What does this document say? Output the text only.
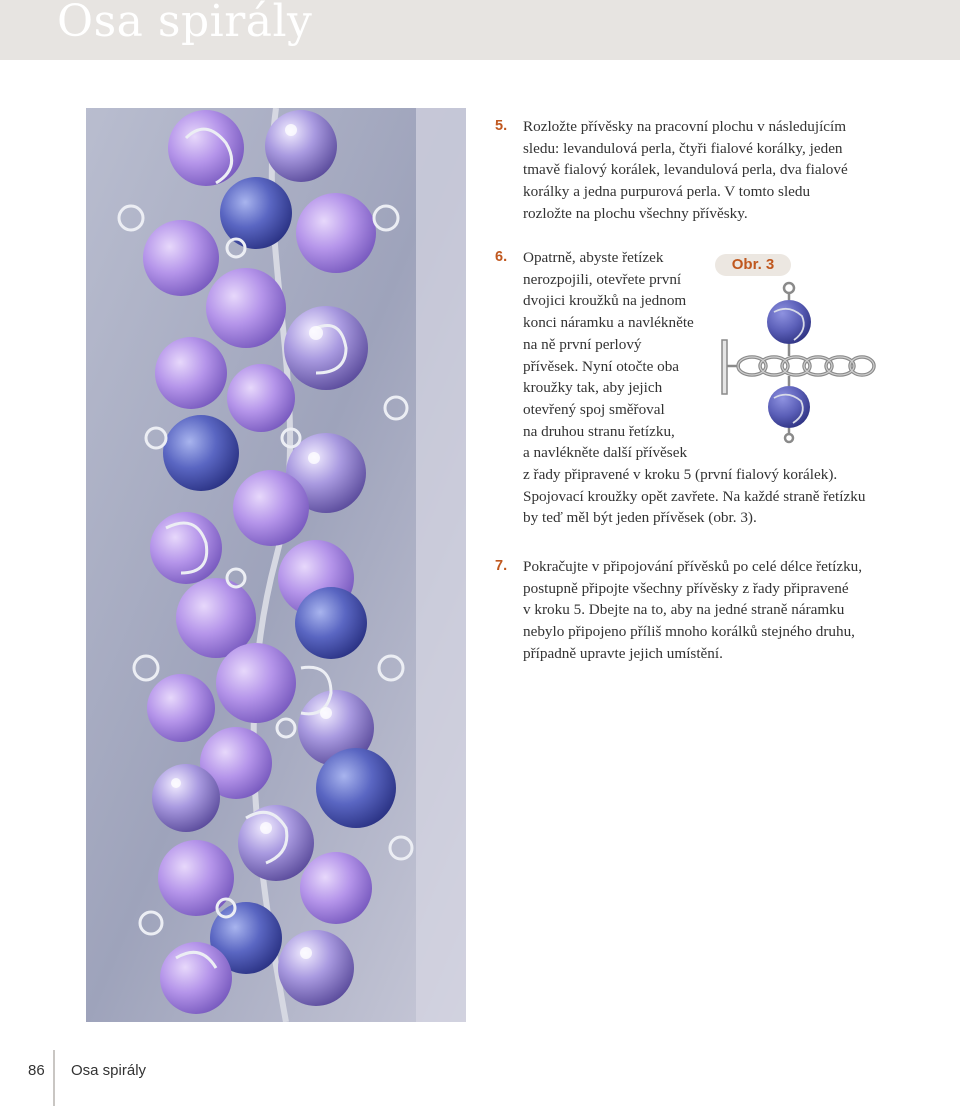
Osa spirály
5. Rozložte přívěsky na pracovní plochu v následujícím
sledu: levandulová perla, čtyři fialové korálky, jeden
tmavě fialový korálek, levandulová perla, dva fialové
korálky a jedna purpurová perla. V tomto sledu
rozložte na plochu všechny přívěsky.
6. Opatrně, abyste řetízek
nerozpojili, otevřete první
dvojici kroužků na jednom
konci náramku a navlékněte
na ně první perlový
přívěsek. Nyní otočte oba
kroužky tak, aby jejich
otevřený spoj směřoval
na druhou stranu řetízku,
a navlékněte další přívěsek
z řady připravené v kroku 5 (první fialový korálek).
Spojovací kroužky opět zavřete. Na každé straně řetízku
by teď měl být jeden přívěsek (obr. 3).
Obr. 3
7. Pokračujte v připojování přívěsků po celé délce řetízku,
postupně připojte všechny přívěsky z řady připravené
v kroku 5. Dbejte na to, aby na jedné straně náramku
nebylo připojeno příliš mnoho korálků stejného druhu,
případně upravte jejich umístění.
86 Osa spirály
